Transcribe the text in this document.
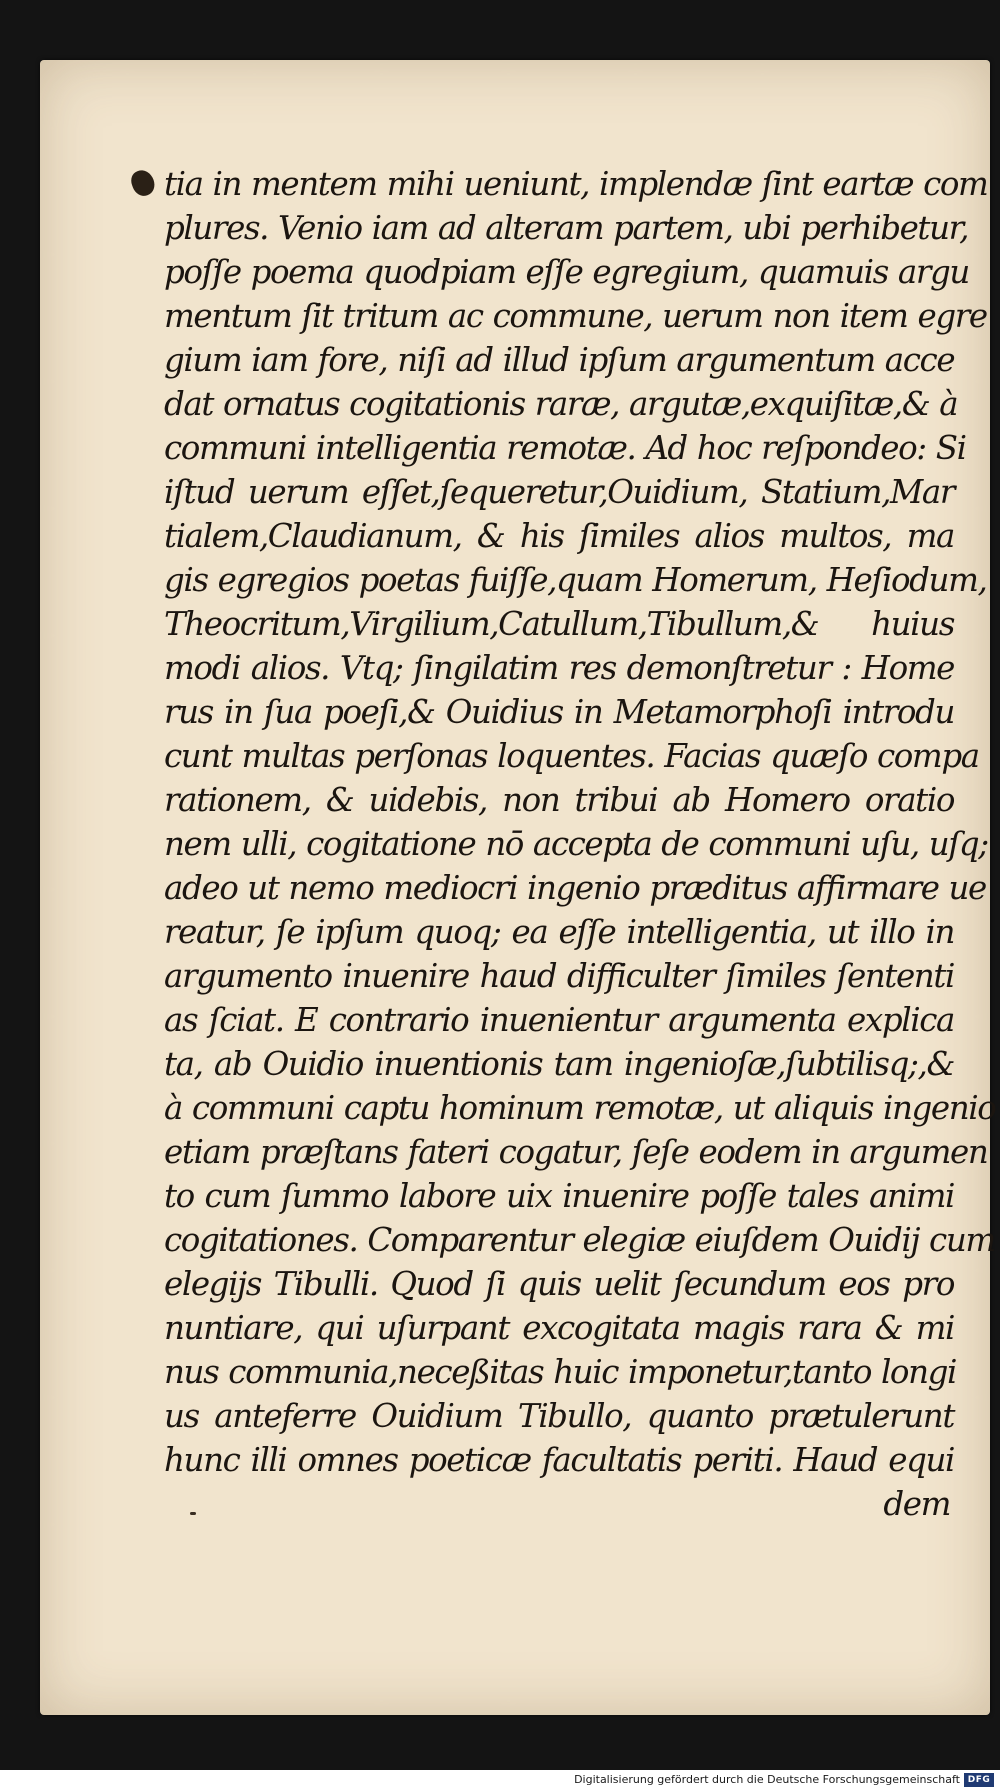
tia in mentem mihi ueniunt, implendæ ſint eartæ com
plures. Venio iam ad alteram partem, ubi perhibetur,
poſſe poema quodpiam eſſe egregium, quamuis argu
mentum ſit tritum ac commune, uerum non item egre
gium iam fore, niſi ad illud ipſum argumentum acce
dat ornatus cogitationis raræ, argutæ,exquiſitæ,& à
communi intelligentia remotæ. Ad hoc reſpondeo: Si
iſtud uerum eſſet,ſequeretur,Ouidium, Statium,Mar
tialem,Claudianum, & his ſimiles alios multos, ma
gis egregios poetas fuiſſe,quam Homerum, Heſiodum,
Theocritum,Virgilium,Catullum,Tibullum,& huius
modi alios. Vtq; ſingilatim res demonſtretur : Home
rus in ſua poeſi,& Ouidius in Metamorphoſi introdu
cunt multas perſonas loquentes. Facias quæſo compa
rationem, & uidebis, non tribui ab Homero oratio
nem ulli, cogitatione nō accepta de communi uſu, uſq;
adeo ut nemo mediocri ingenio præditus affirmare ue
reatur, ſe ipſum quoq; ea eſſe intelligentia, ut illo in
argumento inuenire haud difficulter ſimiles ſententi
as ſciat. E contrario inuenientur argumenta explica
ta, ab Ouidio inuentionis tam ingenioſæ,ſubtilisq;,&
à communi captu hominum remotæ, ut aliquis ingenio
etiam præſtans fateri cogatur, ſeſe eodem in argumen
to cum ſummo labore uix inuenire poſſe tales animi
cogitationes. Comparentur elegiæ eiuſdem Ouidij cum
elegijs Tibulli. Quod ſi quis uelit ſecundum eos pro
nuntiare, qui uſurpant excogitata magis rara & mi
nus communia,neceßitas huic imponetur,tanto longi
us anteferre Ouidium Tibullo, quanto prætulerunt
hunc illi omnes poeticæ facultatis periti. Haud equi
dem
Digitalisierung gefördert durch die Deutsche Forschungsgemeinschaft DFG
